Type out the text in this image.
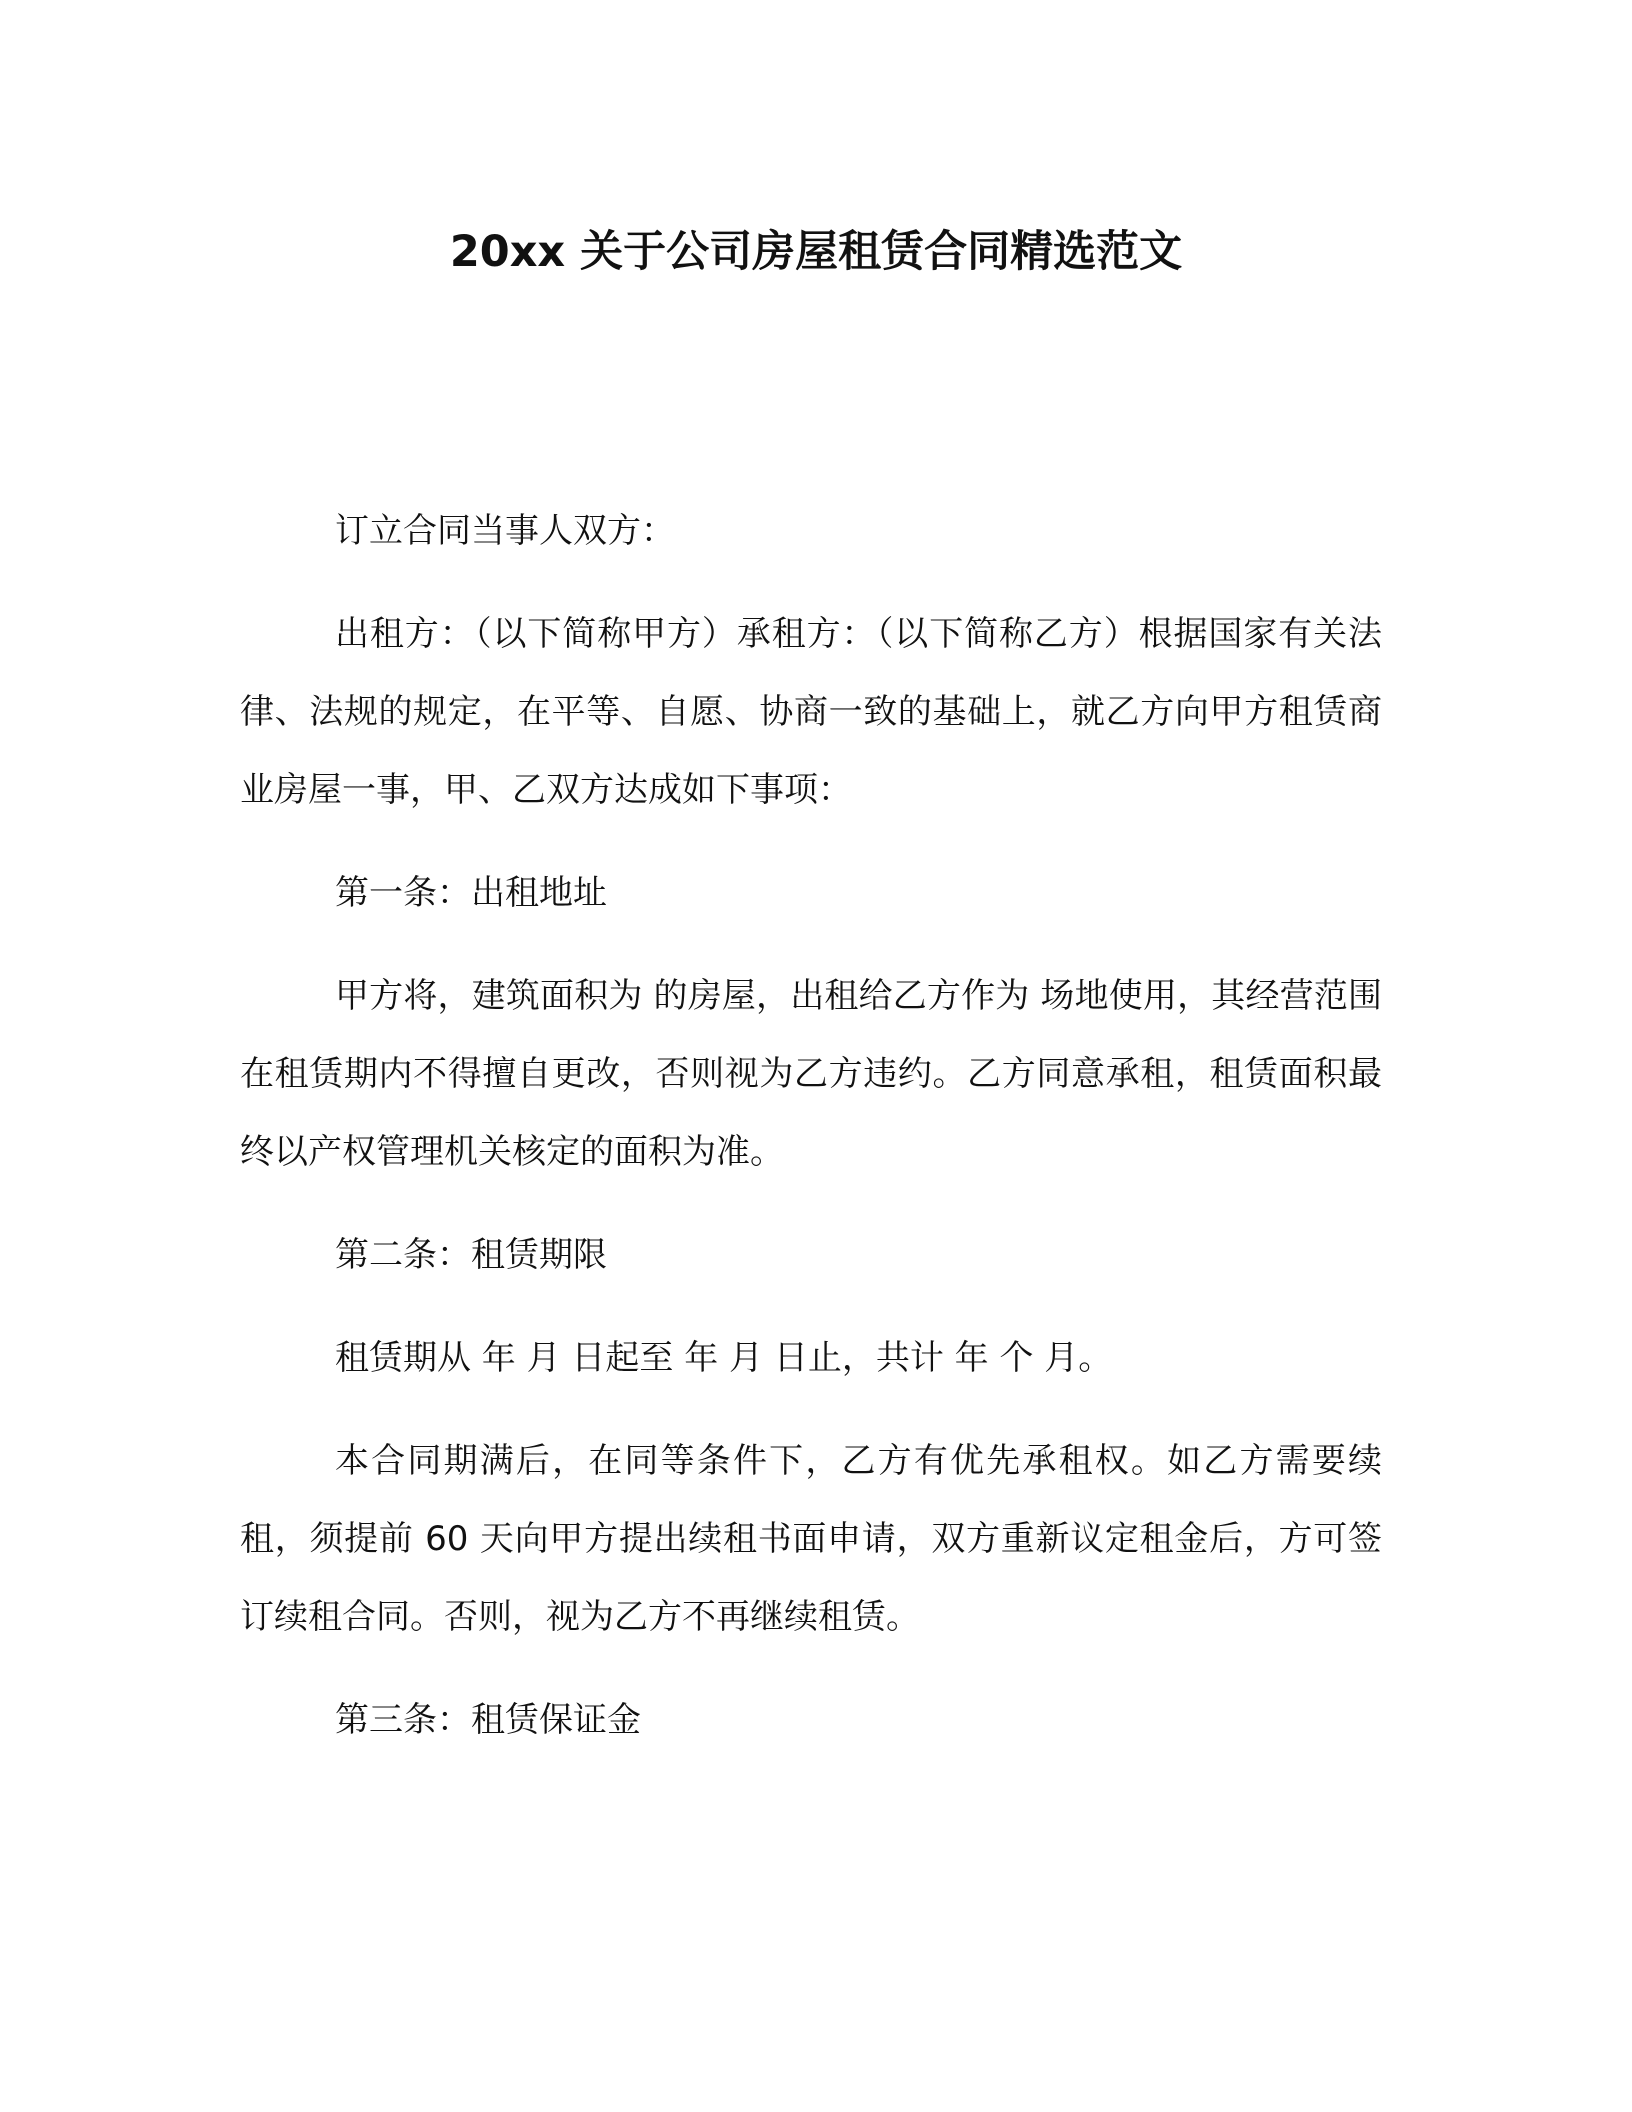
20xx 关于公司房屋租赁合同精选范文

订立合同当事人双方：

出租方：（以下简称甲方）承租方：（以下简称乙方）根据国家有关法律、法规的规定，在平等、自愿、协商一致的基础上，就乙方向甲方租赁商业房屋一事，甲、乙双方达成如下事项：

第一条：出租地址

甲方将，建筑面积为 的房屋，出租给乙方作为 场地使用，其经营范围在租赁期内不得擅自更改，否则视为乙方违约。乙方同意承租，租赁面积最终以产权管理机关核定的面积为准。

第二条：租赁期限

租赁期从 年 月 日起至 年 月 日止，共计 年 个 月。

本合同期满后，在同等条件下，乙方有优先承租权。如乙方需要续租，须提前 60 天向甲方提出续租书面申请，双方重新议定租金后，方可签订续租合同。否则，视为乙方不再继续租赁。

第三条：租赁保证金
